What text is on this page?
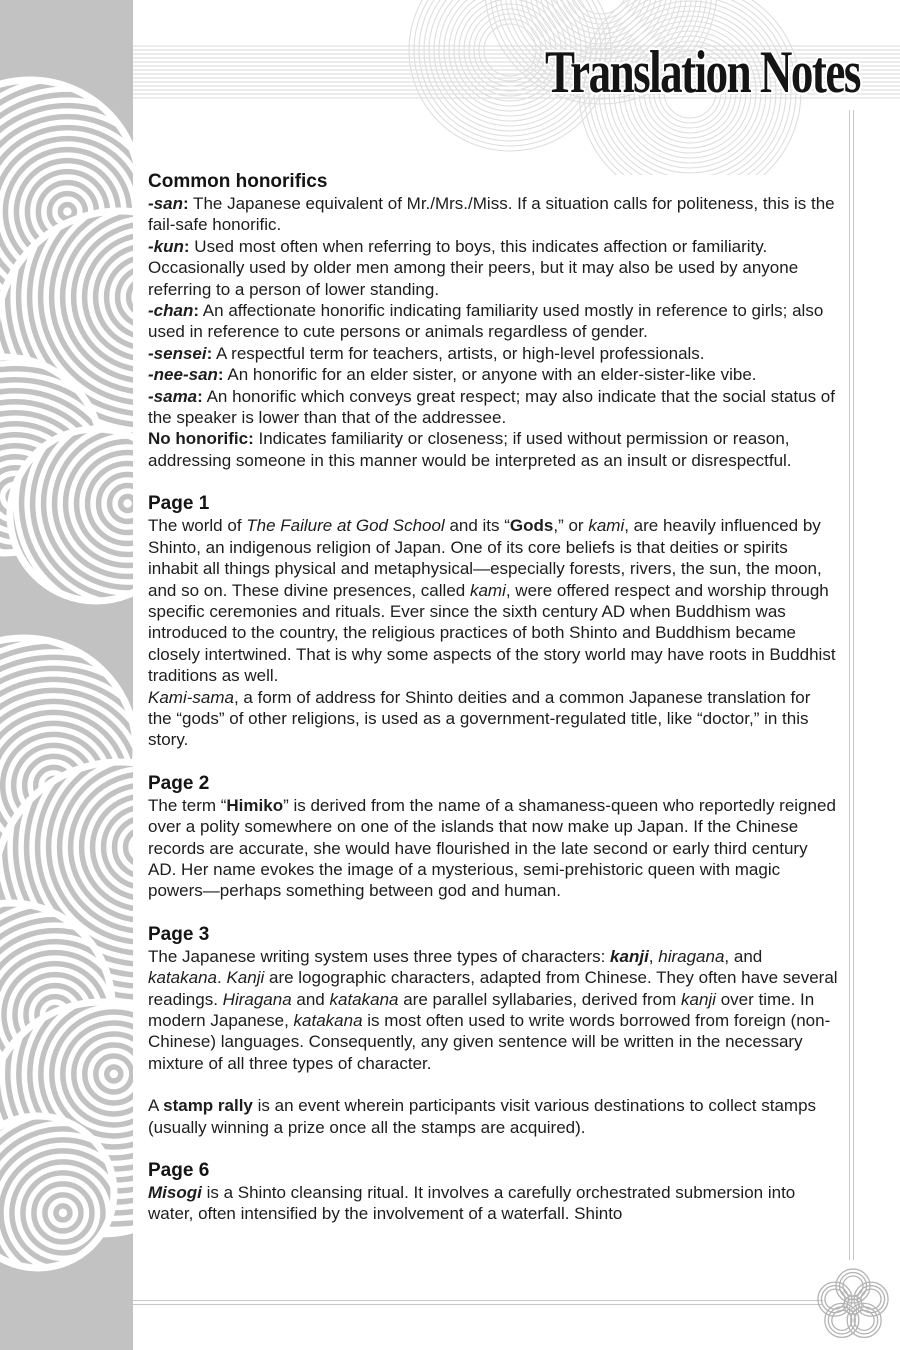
Translation Notes
Common honorifics

-san: The Japanese equivalent of Mr./Mrs./Miss. If a situation calls for politeness, this is the fail-safe honorific.

-kun: Used most often when referring to boys, this indicates affection or familiarity. Occasionally used by older men among their peers, but it may also be used by anyone referring to a person of lower standing.

-chan: An affectionate honorific indicating familiarity used mostly in reference to girls; also used in reference to cute persons or animals regardless of gender.

-sensei: A respectful term for teachers, artists, or high-level professionals.

-nee-san: An honorific for an elder sister, or anyone with an elder-sister-like vibe.

-sama: An honorific which conveys great respect; may also indicate that the social status of the speaker is lower than that of the addressee.

No honorific: Indicates familiarity or closeness; if used without permission or reason, addressing someone in this manner would be interpreted as an insult or disrespectful.

Page 1

The world of The Failure at God School and its “Gods,” or kami, are heavily influenced by Shinto, an indigenous religion of Japan. One of its core beliefs is that deities or spirits inhabit all things physical and metaphysical—especially forests, rivers, the sun, the moon, and so on. These divine presences, called kami, were offered respect and worship through specific ceremonies and rituals. Ever since the sixth century AD when Buddhism was introduced to the country, the religious practices of both Shinto and Buddhism became closely intertwined. That is why some aspects of the story world may have roots in Buddhist traditions as well.

Kami-sama, a form of address for Shinto deities and a common Japanese translation for the “gods” of other religions, is used as a government-regulated title, like “doctor,” in this story.

Page 2

The term “Himiko” is derived from the name of a shamaness-queen who reportedly reigned over a polity somewhere on one of the islands that now make up Japan. If the Chinese records are accurate, she would have flourished in the late second or early third century AD. Her name evokes the image of a mysterious, semi-prehistoric queen with magic powers—perhaps something between god and human.

Page 3

The Japanese writing system uses three types of characters: kanji, hiragana, and katakana. Kanji are logographic characters, adapted from Chinese. They often have several readings. Hiragana and katakana are parallel syllabaries, derived from kanji over time. In modern Japanese, katakana is most often used to write words borrowed from foreign (non-Chinese) languages. Consequently, any given sentence will be written in the necessary mixture of all three types of character.

A stamp rally is an event wherein participants visit various destinations to collect stamps (usually winning a prize once all the stamps are acquired).

Page 6

Misogi is a Shinto cleansing ritual. It involves a carefully orchestrated submersion into water, often intensified by the involvement of a waterfall. Shinto
